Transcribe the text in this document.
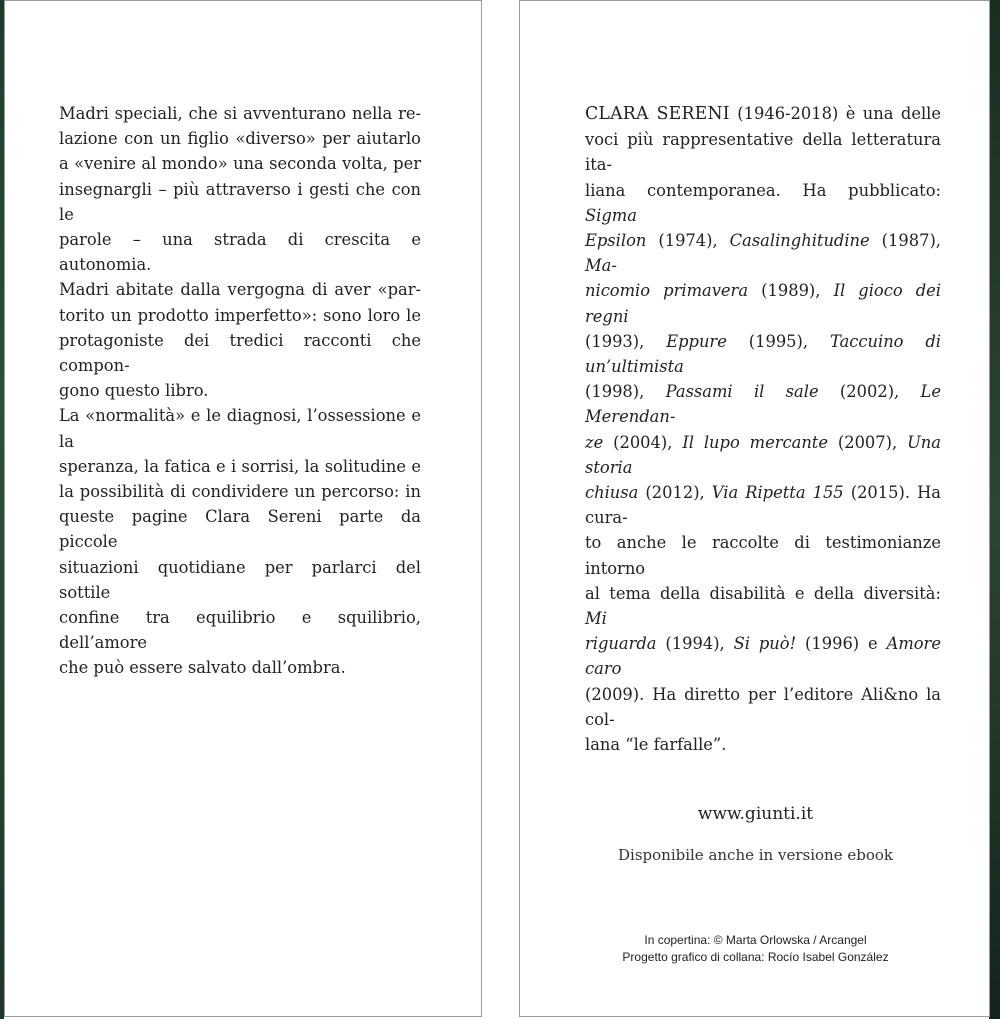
Madri speciali, che si avventurano nella re-
lazione con un figlio «diverso» per aiutarlo
a «venire al mondo» una seconda volta, per
insegnargli – più attraverso i gesti che con le
parole – una strada di crescita e autonomia.
Madri abitate dalla vergogna di aver «par-
torito un prodotto imperfetto»: sono loro le
protagoniste dei tredici racconti che compon-
gono questo libro.
La «normalità» e le diagnosi, l’ossessione e la
speranza, la fatica e i sorrisi, la solitudine e
la possibilità di condividere un percorso: in
queste pagine Clara Sereni parte da piccole
situazioni quotidiane per parlarci del sottile
confine tra equilibrio e squilibrio, dell’amore
che può essere salvato dall’ombra.
CLARA SERENI (1946-2018) è una delle
voci più rappresentative della letteratura ita-
liana contemporanea. Ha pubblicato: Sigma
Epsilon (1974), Casalinghitudine (1987), Ma-
nicomio primavera (1989), Il gioco dei regni
(1993), Eppure (1995), Taccuino di un’ultimista
(1998), Passami il sale (2002), Le Merendan-
ze (2004), Il lupo mercante (2007), Una storia
chiusa (2012), Via Ripetta 155 (2015). Ha cura-
to anche le raccolte di testimonianze intorno
al tema della disabilità e della diversità: Mi
riguarda (1994), Si può! (1996) e Amore caro
(2009). Ha diretto per l’editore Ali&no la col-
lana “le farfalle”.
www.giunti.it
Disponibile anche in versione ebook
In copertina: © Marta Orlowska / Arcangel
Progetto grafico di collana: Rocío Isabel González
